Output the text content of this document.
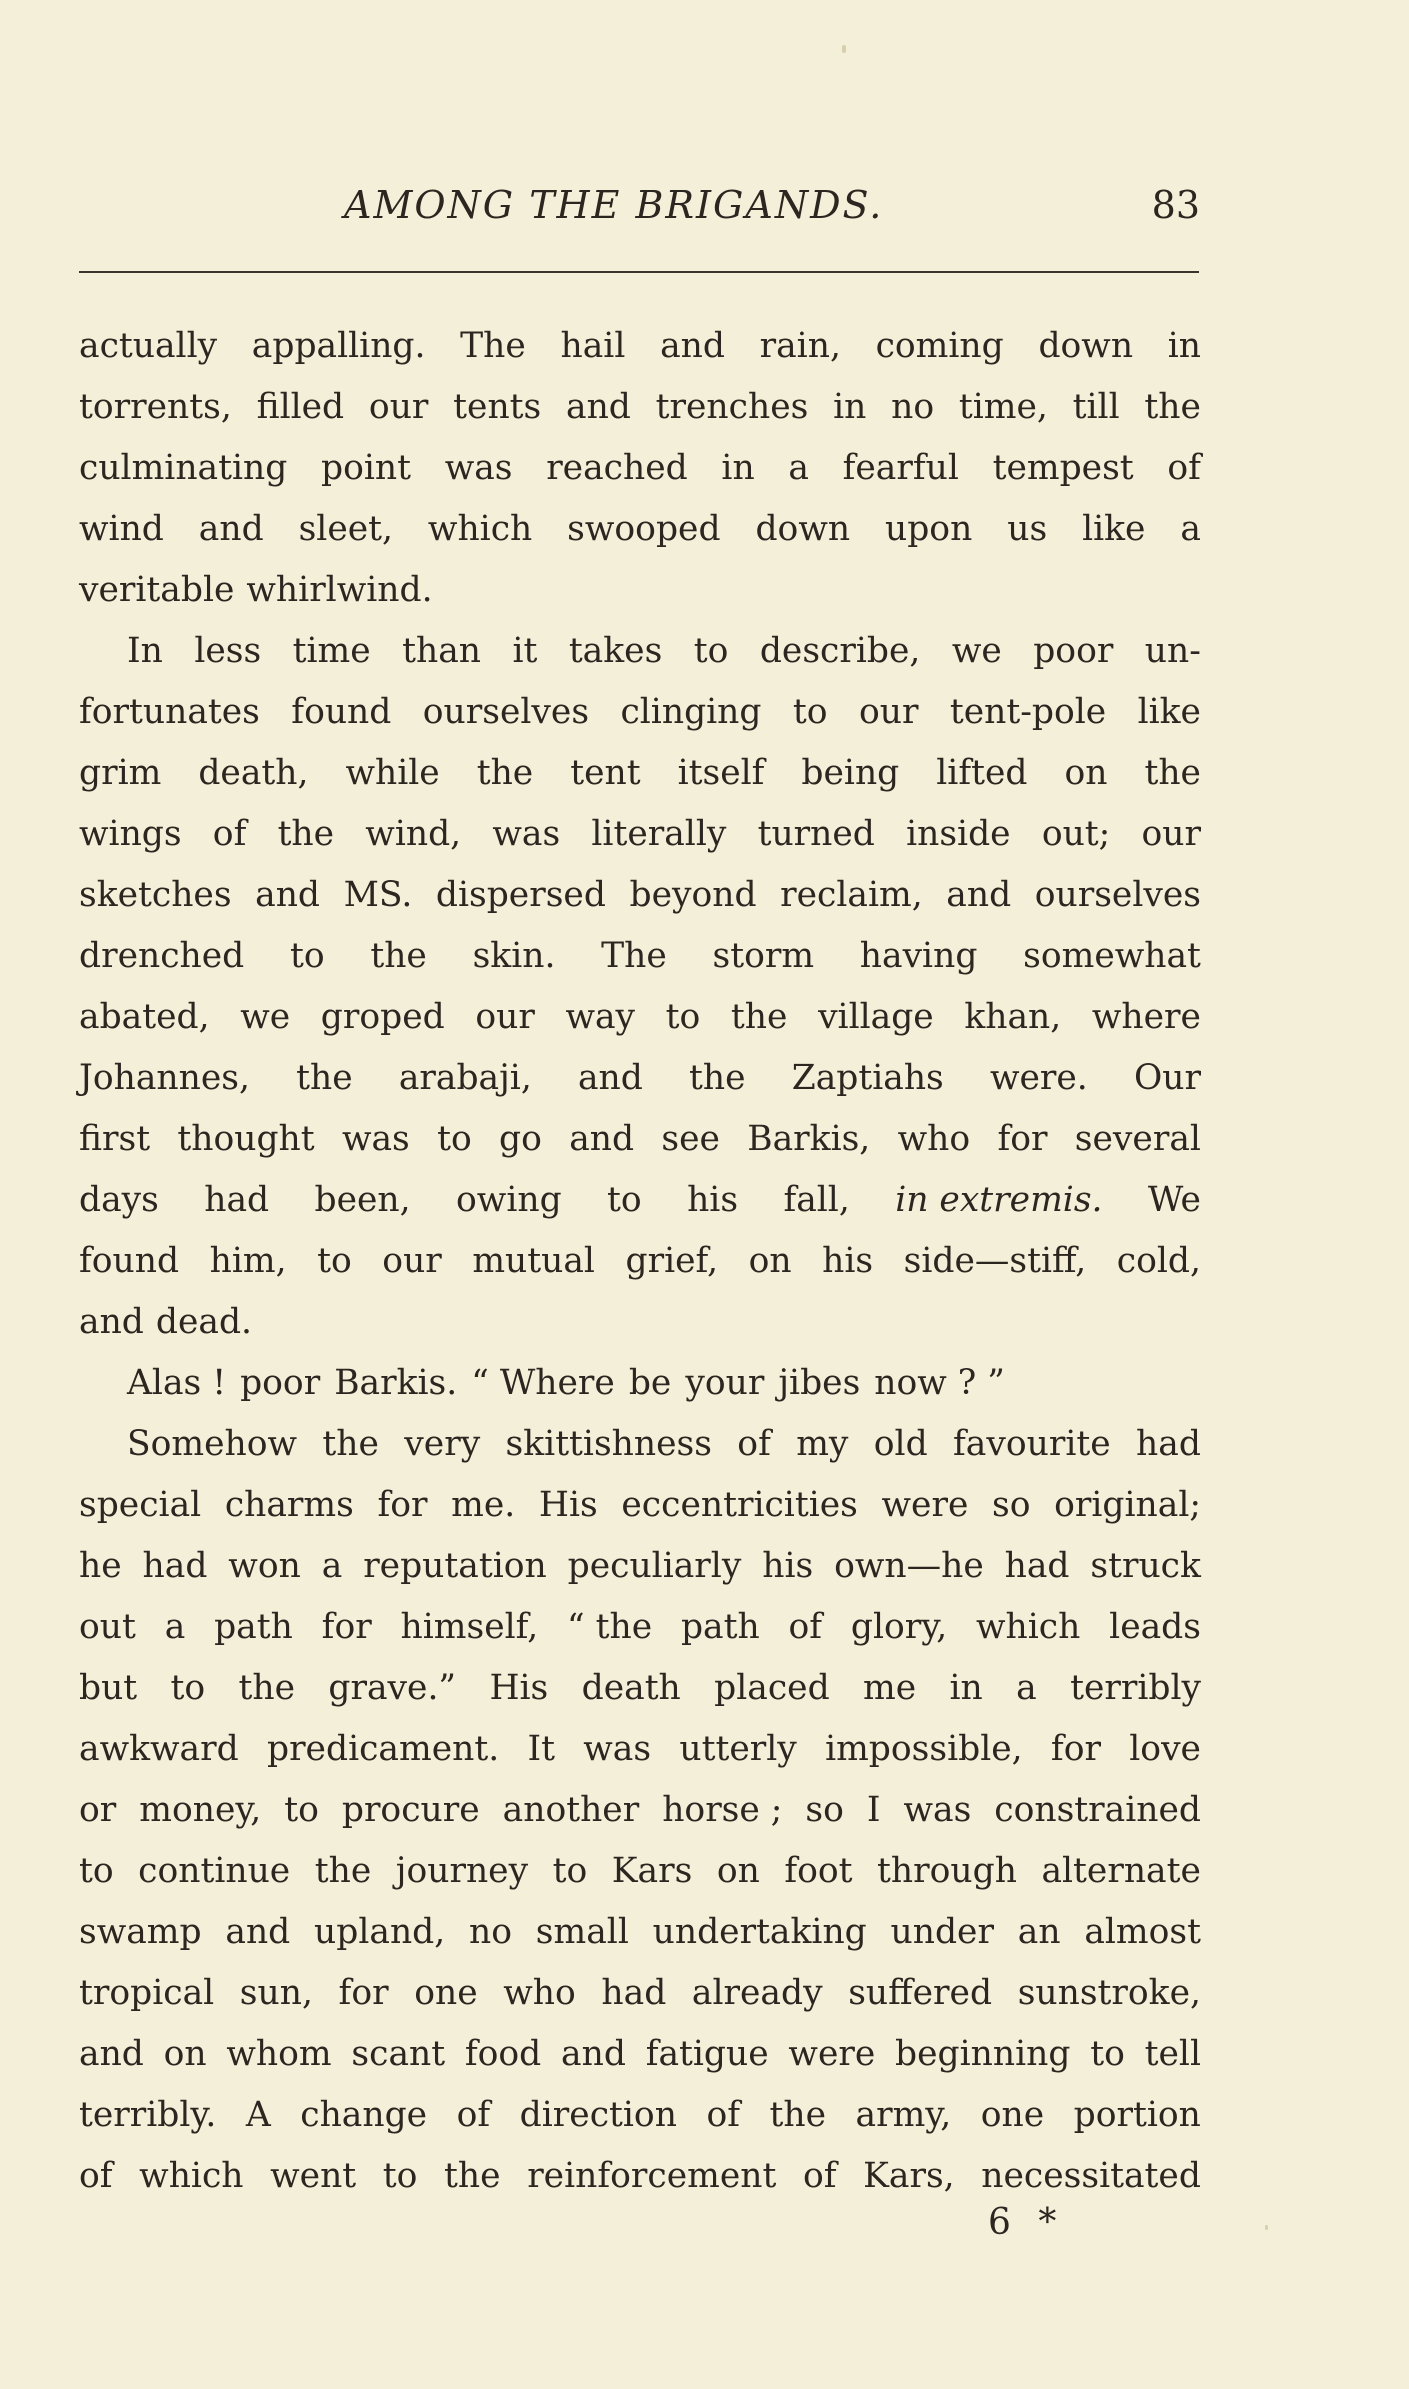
AMONG THE BRIGANDS.	83
actually appalling. The hail and rain, coming down in
torrents, filled our tents and trenches in no time, till the
culminating point was reached in a fearful tempest of
wind and sleet, which swooped down upon us like a
veritable whirlwind.
In less time than it takes to describe, we poor un-
fortunates found ourselves clinging to our tent-pole like
grim death, while the tent itself being lifted on the
wings of the wind, was literally turned inside out; our
sketches and MS. dispersed beyond reclaim, and ourselves
drenched to the skin. The storm having somewhat
abated, we groped our way to the village khan, where
Johannes, the arabaji, and the Zaptiahs were. Our
first thought was to go and see Barkis, who for several
days had been, owing to his fall, in extremis. We
found him, to our mutual grief, on his side—stiff, cold,
and dead.
Alas ! poor Barkis. “ Where be your jibes now ? ”
Somehow the very skittishness of my old favourite had
special charms for me. His eccentricities were so original;
he had won a reputation peculiarly his own—he had struck
out a path for himself, “ the path of glory, which leads
but to the grave.” His death placed me in a terribly
awkward predicament. It was utterly impossible, for love
or money, to procure another horse ; so I was constrained
to continue the journey to Kars on foot through alternate
swamp and upland, no small undertaking under an almost
tropical sun, for one who had already suffered sunstroke,
and on whom scant food and fatigue were beginning to tell
terribly. A change of direction of the army, one portion
of which went to the reinforcement of Kars, necessitated
6 *
